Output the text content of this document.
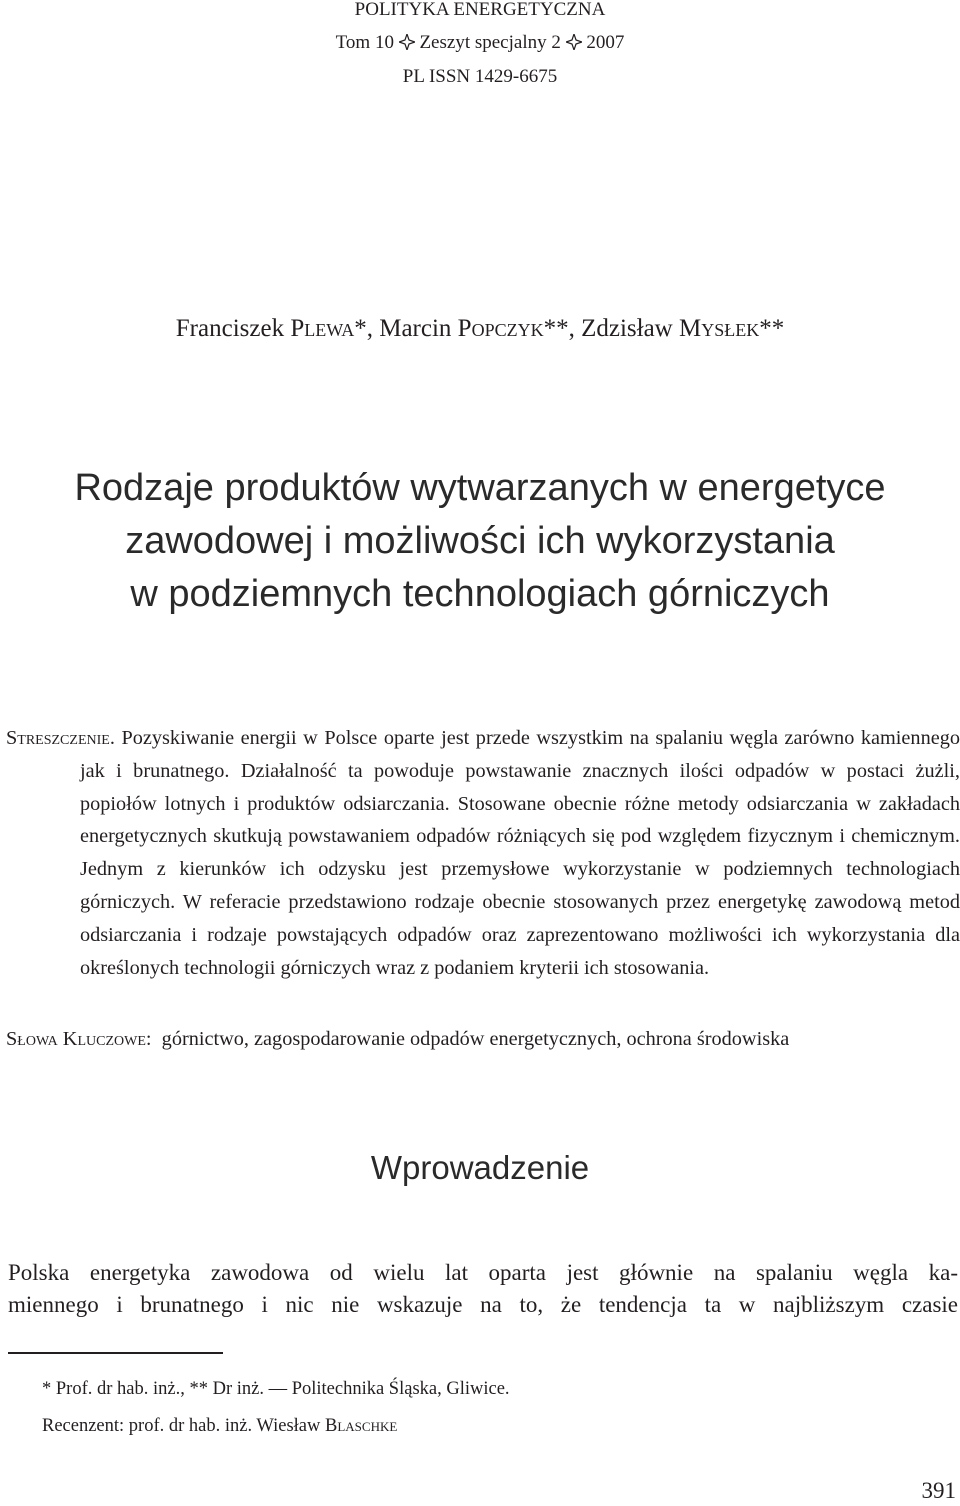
POLITYKA ENERGETYCZNA
Tom 10 Zeszyt specjalny 2 2007
PL ISSN 1429-6675
Franciszek Plewa*, Marcin Popczyk**, Zdzisław Mysłek**
Rodzaje produktów wytwarzanych w energetyce
zawodowej i możliwości ich wykorzystania
w podziemnych technologiach górniczych
Streszczenie. Pozyskiwanie energii w Polsce oparte jest przede wszystkim na spalaniu węgla zarówno kamiennego jak i brunatnego. Działalność ta powoduje powstawanie znacznych ilości odpadów w postaci żużli, popiołów lotnych i produktów odsiarczania. Stosowane obecnie różne metody odsiarczania w zakładach energetycznych skutkują powstawaniem odpadów różniących się pod względem fizycznym i chemicznym. Jednym z kierunków ich odzysku jest przemysłowe wykorzystanie w podziemnych technologiach górniczych. W referacie przedstawiono rodzaje obecnie stosowanych przez energetykę zawodową metod odsiarczania i rodzaje powstających odpadów oraz zaprezentowano możliwości ich wykorzystania dla określonych technologii górniczych wraz z podaniem kryterii ich stosowania.
Słowa Kluczowe: górnictwo, zagospodarowanie odpadów energetycznych, ochrona środowiska
Wprowadzenie
Polska energetyka zawodowa od wielu lat oparta jest głównie na spalaniu węgla ka-
miennego i brunatnego i nic nie wskazuje na to, że tendencja ta w najbliższym czasie
* Prof. dr hab. inż., ** Dr inż. — Politechnika Śląska, Gliwice.
Recenzent: prof. dr hab. inż. Wiesław Blaschke
391
